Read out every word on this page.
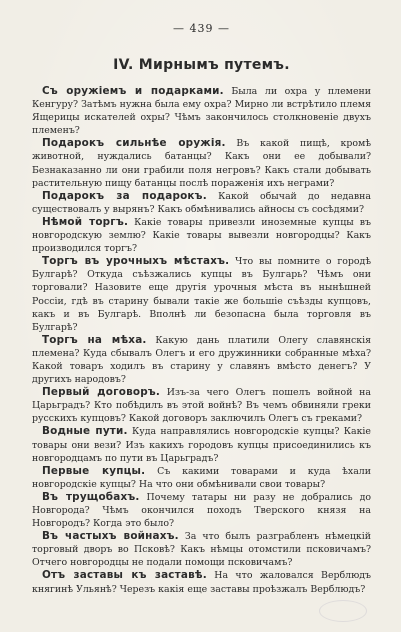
— 439 —
IV. Мирнымъ путемъ.

Съ оружіемъ и подарками. Была ли охра у племени Кенгуру? Затѣмъ нужна была ему охра? Мирно ли встрѣтило племя Ящерицы искателей охры? Чѣмъ закончилось столкновеніе двухъ племенъ?

Подарокъ сильнѣе оружія. Въ какой пищѣ, кромѣ животной, нуждались батанцы? Какъ они ее добывали? Безнаказанно ли они грабили поля негровъ? Какъ стали добывать растительную пищу батанцы послѣ пораженія ихъ неграми?

Подарокъ за подарокъ. Какой обычай до недавна существовалъ у вырянъ? Какъ обмѣнивались айносы съ сосѣдями?

Нѣмой торгъ. Какіе товары привезли иноземные купцы въ новгородскую землю? Какіе товары вывезли новгородцы? Какъ производился торгъ?

Торгъ въ урочныхъ мѣстахъ. Что вы помните о городѣ Булгарѣ? Откуда съѣзжались купцы въ Булгарь? Чѣмъ они торговали? Назовите еще другія урочныя мѣста въ нынѣшней Россіи, гдѣ въ старину бывали такіе же большіе съѣзды купцовъ, какъ и въ Булгарѣ. Вполнѣ ли безопасна была торговля въ Булгарѣ?

Торгъ на мѣха. Какую дань платили Олегу славянскія племена? Куда сбывалъ Олегъ и его дружинники собранные мѣха? Какой товаръ ходилъ въ старину у славянъ вмѣсто денегъ? У другихъ народовъ?

Первый договоръ. Изъ-за чего Олегъ пошелъ войной на Царьградъ? Кто побѣдилъ въ этой войнѣ? Въ чемъ обвиняли греки русскихъ купцовъ? Какой договоръ заключилъ Олегъ съ греками?

Водные пути. Куда направлялись новгородскіе купцы? Какіе товары они вези? Изъ какихъ городовъ купцы присоединились къ новгородцамъ по пути въ Царьградъ?

Первые купцы. Съ какими товарами и куда ѣхали новгородскіе купцы? На что они обмѣнивали свои товары?

Въ трущобахъ. Почему татары ни разу не добрались до Новгорода? Чѣмъ окончился походъ Тверского князя на Новгородъ? Когда это было?

Въ частыхъ войнахъ. За что былъ разграбленъ нѣмецкій торговый дворъ во Псковѣ? Какъ нѣмцы отомстили псковичамъ? Отчего новгородцы не подали помощи псковичамъ?

Отъ заставы къ заставѣ. На что жаловался Верблюдъ княгинѣ Ульянѣ? Черезъ какія еще заставы проѣзжалъ Верблюдъ?
